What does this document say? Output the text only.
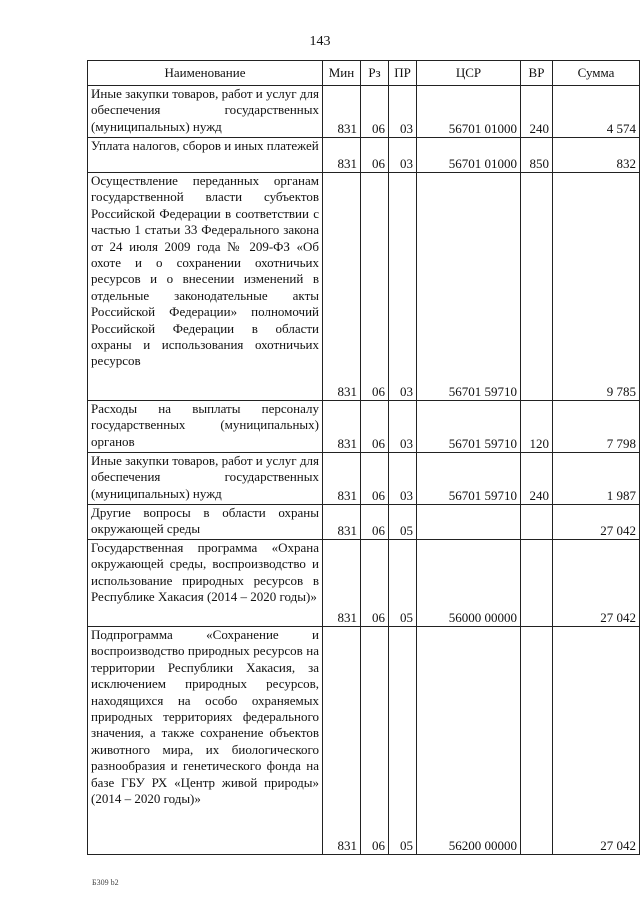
143
Наименование	Мин	Рз	ПР	ЦСР	ВР	Сумма
Иные закупки товаров, работ и услуг для обеспечения государственных (муниципальных) нужд	831	06	03	56701 01000	240	4 574
Уплата налогов, сборов и иных платежей	831	06	03	56701 01000	850	832
Осуществление переданных органам государственной власти субъектов Российской Федерации в соответствии с частью 1 статьи 33 Федерального закона от 24 июля 2009 года № 209-ФЗ «Об охоте и о сохранении охотничьих ресурсов и о внесении изменений в отдельные законодательные акты Российской Федерации» полномочий Российской Федерации в области охраны и использования охотничьих ресурсов	831	06	03	56701 59710		9 785
Расходы на выплаты персоналу государственных (муниципальных) органов	831	06	03	56701 59710	120	7 798
Иные закупки товаров, работ и услуг для обеспечения государственных (муниципальных) нужд	831	06	03	56701 59710	240	1 987
Другие вопросы в области охраны окружающей среды	831	06	05			27 042
Государственная программа «Охрана окружающей среды, воспроизводство и использование природных ресурсов в Республике Хакасия (2014 – 2020 годы)»	831	06	05	56000 00000		27 042
Подпрограмма «Сохранение и воспроизводство природных ресурсов на территории Республики Хакасия, за исключением природных ресурсов, находящихся на особо охраняемых природных территориях федерального значения, а также сохранение объектов животного мира, их биологического разнообразия и генетического фонда на базе ГБУ РХ «Центр живой природы» (2014 – 2020 годы)»	831	06	05	56200 00000		27 042
Б309 b2
